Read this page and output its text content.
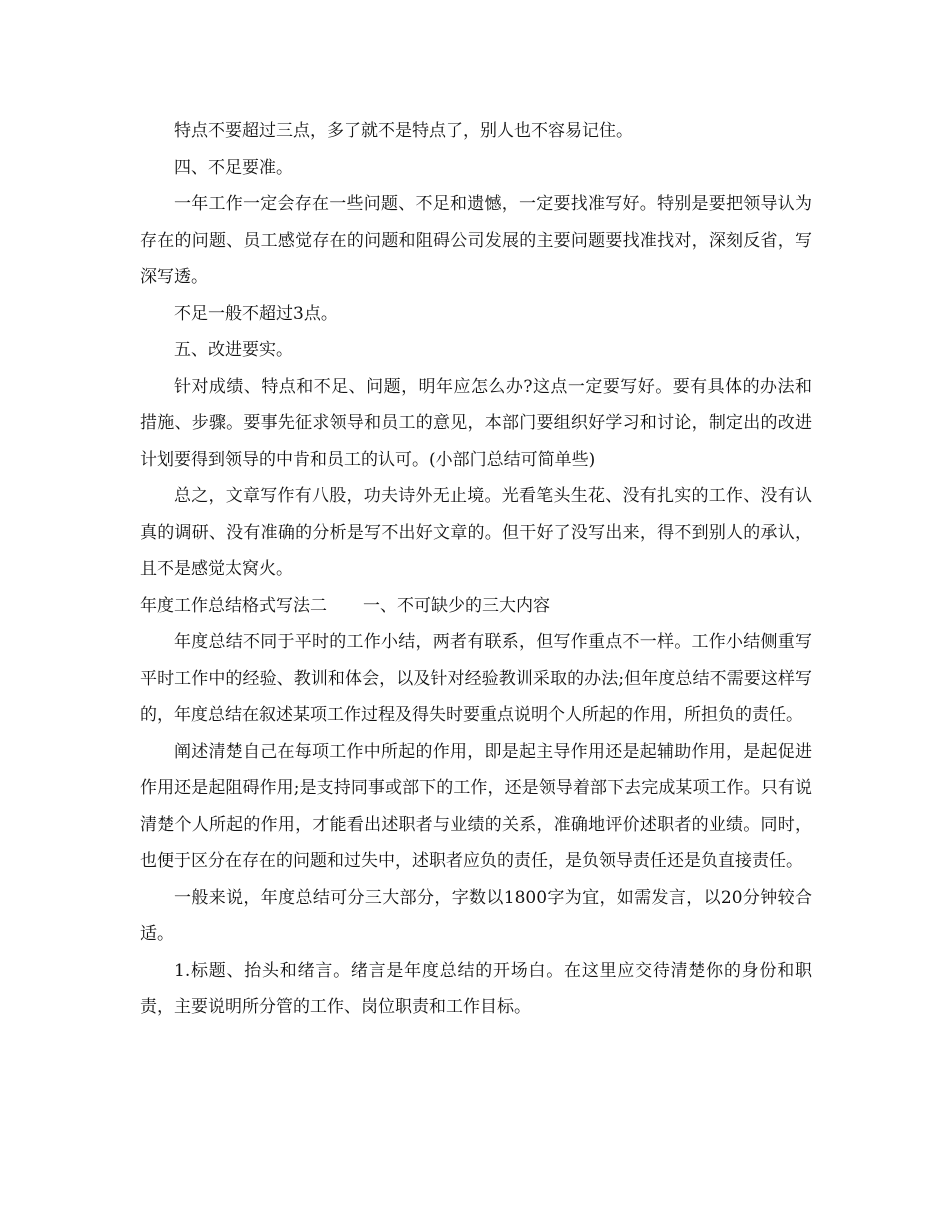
特点不要超过三点，多了就不是特点了，别人也不容易记住。

四、不足要准。

一年工作一定会存在一些问题、不足和遗憾，一定要找准写好。特别是要把领导认为存在的问题、员工感觉存在的问题和阻碍公司发展的主要问题要找准找对，深刻反省，写深写透。

不足一般不超过3点。

五、改进要实。

针对成绩、特点和不足、问题，明年应怎么办?这点一定要写好。要有具体的办法和措施、步骤。要事先征求领导和员工的意见，本部门要组织好学习和讨论，制定出的改进计划要得到领导的中肯和员工的认可。(小部门总结可简单些)

总之，文章写作有八股，功夫诗外无止境。光看笔头生花、没有扎实的工作、没有认真的调研、没有准确的分析是写不出好文章的。但干好了没写出来，得不到别人的承认，且不是感觉太窝火。

年度工作总结格式写法二 一、不可缺少的三大内容

年度总结不同于平时的工作小结，两者有联系，但写作重点不一样。工作小结侧重写平时工作中的经验、教训和体会，以及针对经验教训采取的办法;但年度总结不需要这样写的，年度总结在叙述某项工作过程及得失时要重点说明个人所起的作用，所担负的责任。

阐述清楚自己在每项工作中所起的作用，即是起主导作用还是起辅助作用，是起促进作用还是起阻碍作用;是支持同事或部下的工作，还是领导着部下去完成某项工作。只有说清楚个人所起的作用，才能看出述职者与业绩的关系，准确地评价述职者的业绩。同时，也便于区分在存在的问题和过失中，述职者应负的责任，是负领导责任还是负直接责任。

一般来说，年度总结可分三大部分，字数以1800字为宜，如需发言，以20分钟较合适。

1.标题、抬头和绪言。绪言是年度总结的开场白。在这里应交待清楚你的身份和职责，主要说明所分管的工作、岗位职责和工作目标。
